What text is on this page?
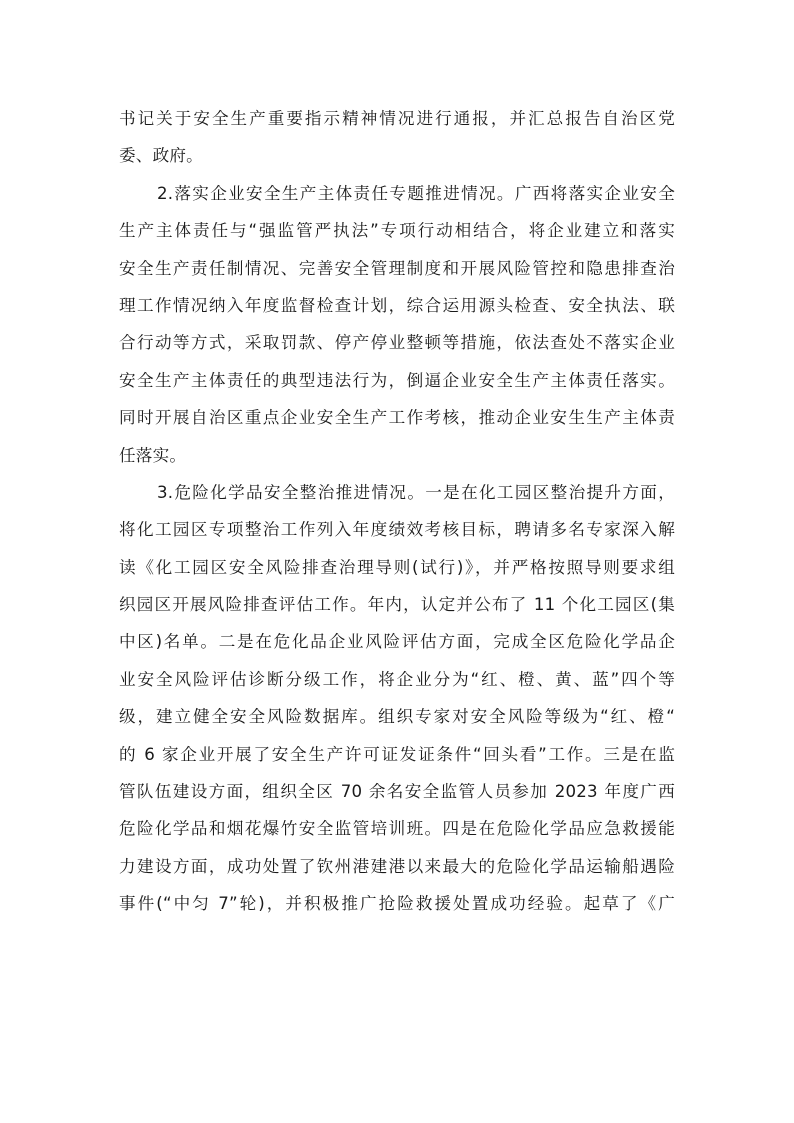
书记关于安全生产重要指示精神情况进行通报，并汇总报告自治区党
委、政府。
2.落实企业安全生产主体责任专题推进情况。广西将落实企业安全
生产主体责任与“强监管严执法”专项行动相结合，将企业建立和落实
安全生产责任制情况、完善安全管理制度和开展风险管控和隐患排查治
理工作情况纳入年度监督检查计划，综合运用源头检查、安全执法、联
合行动等方式，采取罚款、停产停业整顿等措施，依法查处不落实企业
安全生产主体责任的典型违法行为，倒逼企业安全生产主体责任落实。
同时开展自治区重点企业安全生产工作考核，推动企业安生生产主体责
任落实。
3.危险化学品安全整治推进情况。一是在化工园区整治提升方面，
将化工园区专项整治工作列入年度绩效考核目标，聘请多名专家深入解
读《化工园区安全风险排查治理导则(试行)》，并严格按照导则要求组
织园区开展风险排查评估工作。年内，认定并公布了 11 个化工园区(集
中区)名单。二是在危化品企业风险评估方面，完成全区危险化学品企
业安全风险评估诊断分级工作，将企业分为“红、橙、黄、蓝”四个等
级，建立健全安全风险数据库。组织专家对安全风险等级为“红、橙“
的 6 家企业开展了安全生产许可证发证条件“回头看”工作。三是在监
管队伍建设方面，组织全区 70 余名安全监管人员参加 2023 年度广西
危险化学品和烟花爆竹安全监管培训班。四是在危险化学品应急救援能
力建设方面，成功处置了钦州港建港以来最大的危险化学品运输船遇险
事件(“中匀 7”轮)，并积极推广抢险救援处置成功经验。起草了《广
